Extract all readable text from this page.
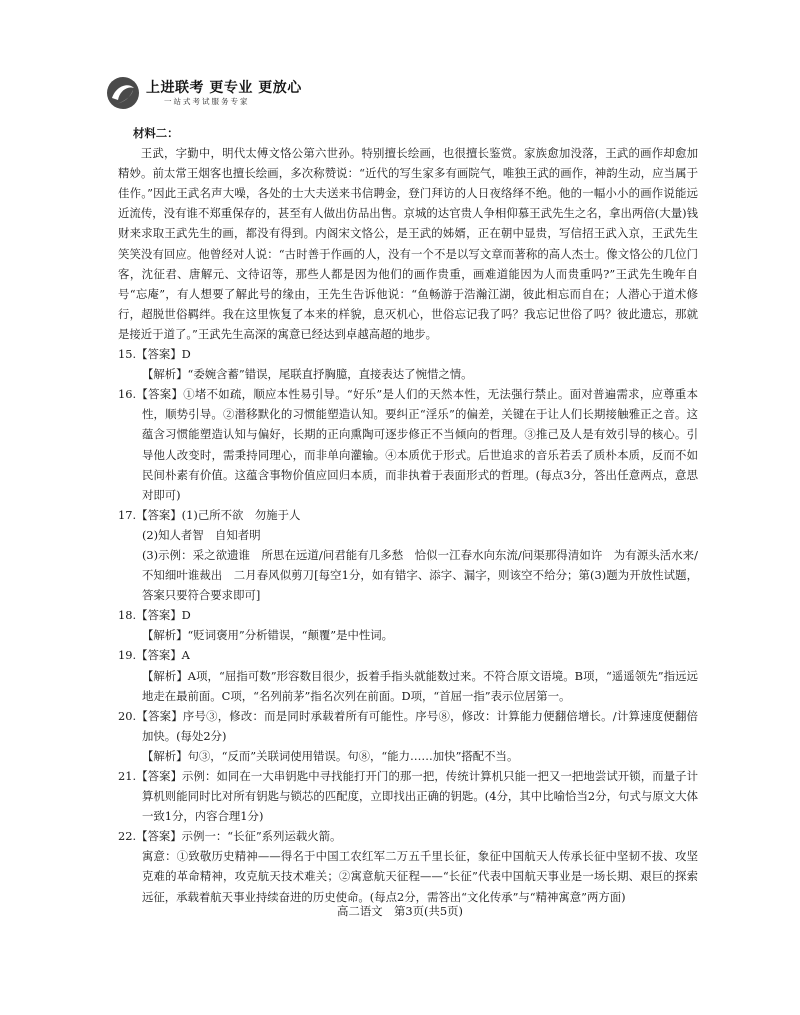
上进联考 更专业 更放心
一站式考试服务专家

材料二：

王武，字勤中，明代太傅文恪公第六世孙。特别擅长绘画，也很擅长鉴赏。家族愈加没落，王武的画作却愈加精妙。前太常王烟客也擅长绘画，多次称赞说：“近代的写生家多有画院气，唯独王武的画作，神韵生动，应当属于佳作。”因此王武名声大噪，各处的士大夫送来书信聘金，登门拜访的人日夜络绎不绝。他的一幅小小的画作说能远近流传，没有谁不郑重保存的，甚至有人做出仿品出售。京城的达官贵人争相仰慕王武先生之名，拿出两倍(大量)钱财来求取王武先生的画，都没有得到。内阁宋文恪公，是王武的姊婿，正在朝中显贵，写信招王武入京，王武先生笑笑没有回应。他曾经对人说：“古时善于作画的人，没有一个不是以写文章而著称的高人杰士。像文恪公的几位门客，沈征君、唐解元、文待诏等，那些人都是因为他们的画作贵重，画难道能因为人而贵重吗?”王武先生晚年自号“忘庵”，有人想要了解此号的缘由，王先生告诉他说：“鱼畅游于浩瀚江湖，彼此相忘而自在；人潜心于道术修行，超脱世俗羁绊。我在这里恢复了本来的样貌，息灭机心，世俗忘记我了吗？我忘记世俗了吗？彼此遗忘，那就是接近于道了。”王武先生高深的寓意已经达到卓越高超的地步。

15.【答案】D

【解析】“委婉含蓄”错误，尾联直抒胸臆，直接表达了惋惜之情。

16.【答案】①堵不如疏，顺应本性易引导。“好乐”是人们的天然本性，无法强行禁止。面对普遍需求，应尊重本性，顺势引导。②潜移默化的习惯能塑造认知。要纠正“淫乐”的偏差，关键在于让人们长期接触雅正之音。这蕴含习惯能塑造认知与偏好，长期的正向熏陶可逐步修正不当倾向的哲理。③推己及人是有效引导的核心。引导他人改变时，需秉持同理心，而非单向灌输。④本质优于形式。后世追求的音乐若丢了质朴本质，反而不如民间朴素有价值。这蕴含事物价值应回归本质，而非执着于表面形式的哲理。(每点3分，答出任意两点，意思对即可)

17.【答案】(1)己所不欲　勿施于人

(2)知人者智　自知者明

(3)示例：采之欲遗谁　所思在远道/问君能有几多愁　恰似一江春水向东流/问渠那得清如许　为有源头活水来/不知细叶谁裁出　二月春风似剪刀[每空1分，如有错字、添字、漏字，则该空不给分；第(3)题为开放性试题，答案只要符合要求即可]

18.【答案】D

【解析】“贬词褒用”分析错误，“颠覆”是中性词。

19.【答案】A

【解析】A项，“屈指可数”形容数目很少，扳着手指头就能数过来。不符合原文语境。B项，“遥遥领先”指远远地走在最前面。C项，“名列前茅”指名次列在前面。D项，“首屈一指”表示位居第一。

20.【答案】序号③，修改：而是同时承载着所有可能性。序号⑧，修改：计算能力便翻倍增长。/计算速度便翻倍加快。(每处2分)

【解析】句③，“反而”关联词使用错误。句⑧，“能力……加快”搭配不当。

21.【答案】示例：如同在一大串钥匙中寻找能打开门的那一把，传统计算机只能一把又一把地尝试开锁，而量子计算机则能同时比对所有钥匙与锁芯的匹配度，立即找出正确的钥匙。(4分，其中比喻恰当2分，句式与原文大体一致1分，内容合理1分)

22.【答案】示例一：“长征”系列运载火箭。

寓意：①致敬历史精神——得名于中国工农红军二万五千里长征，象征中国航天人传承长征中坚韧不拔、攻坚克难的革命精神，攻克航天技术难关；②寓意航天征程——“长征”代表中国航天事业是一场长期、艰巨的探索远征，承载着航天事业持续奋进的历史使命。(每点2分，需答出“文化传承”与“精神寓意”两方面)

高二语文　第3页(共5页)
